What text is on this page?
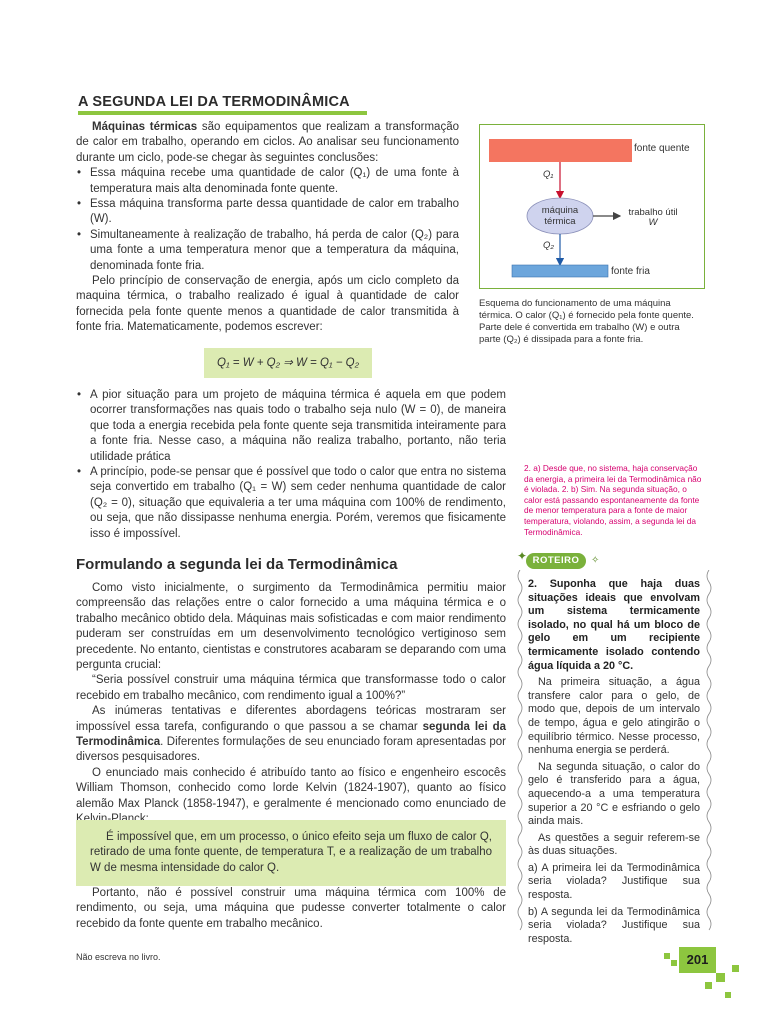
A SEGUNDA LEI DA TERMODINÂMICA

Máquinas térmicas são equipamentos que realizam a transformação de calor em trabalho, operando em ciclos. Ao analisar seu funcionamento durante um ciclo, pode-se chegar às seguintes conclusões:

• Essa máquina recebe uma quantidade de calor (Q₁) de uma fonte à temperatura mais alta denominada fonte quente.
• Essa máquina transforma parte dessa quantidade de calor em trabalho (W).
• Simultaneamente à realização de trabalho, há perda de calor (Q₂) para uma fonte a uma temperatura menor que a temperatura da máquina, denominada fonte fria.

Pelo princípio de conservação de energia, após um ciclo completo da maquina térmica, o trabalho realizado é igual à quantidade de calor fornecida pela fonte quente menos a quantidade de calor transmitida à fonte fria. Matematicamente, podemos escrever:

Q₁ = W + Q₂ ⇒ W = Q₁ − Q₂
• A pior situação para um projeto de máquina térmica é aquela em que podem ocorrer transformações nas quais todo o trabalho seja nulo (W = 0), de maneira que toda a energia recebida pela fonte quente seja transmitida inteiramente para a fonte fria. Nesse caso, a máquina não realiza trabalho, portanto, não teria utilidade prática
• A princípio, pode-se pensar que é possível que todo o calor que entra no sistema seja convertido em trabalho (Q₁ = W) sem ceder nenhuma quantidade de calor (Q₂ = 0), situação que equivaleria a ter uma máquina com 100% de rendimento, ou seja, que não dissipasse nenhuma energia. Porém, veremos que fisicamente isso é impossível.
fonte quente
Q₁
máquina
térmica
trabalho útil
W
Q₂
fonte fria
Esquema do funcionamento de uma máquina térmica. O calor (Q₁) é fornecido pela fonte quente. Parte dele é convertida em trabalho (W) e outra parte (Q₂) é dissipada para a fonte fria.
2. a) Desde que, no sistema, haja conservação da energia, a primeira lei da Termodinâmica não é violada. 2. b) Sim. Na segunda situação, o calor está passando espontaneamente da fonte de menor temperatura para a fonte de maior temperatura, violando, assim, a segunda lei da Termodinâmica.
Formulando a segunda lei da Termodinâmica

Como visto inicialmente, o surgimento da Termodinâmica permitiu maior compreensão das relações entre o calor fornecido a uma máquina térmica e o trabalho mecânico obtido dela. Máquinas mais sofisticadas e com maior rendimento puderam ser construídas em um desenvolvimento tecnológico vertiginoso sem precedente. No entanto, cientistas e construtores acabaram se deparando com uma pergunta crucial:

“Seria possível construir uma máquina térmica que transformasse todo o calor recebido em trabalho mecânico, com rendimento igual a 100%?”

As inúmeras tentativas e diferentes abordagens teóricas mostraram ser impossível essa tarefa, configurando o que passou a se chamar segunda lei da Termodinâmica. Diferentes formulações de seu enunciado foram apresentadas por diversos pesquisadores.

O enunciado mais conhecido é atribuído tanto ao físico e engenheiro escocês William Thomson, conhecido como lorde Kelvin (1824-1907), quanto ao físico alemão Max Planck (1858-1947), e geralmente é mencionado como enunciado de

É impossível que, em um processo, o único efeito seja um fluxo de calor Q, retirado de uma fonte quente, de temperatura T, e a realização de um trabalho W de mesma intensidade do calor Q.

Portanto, não é possível construir uma máquina térmica com 100% de rendimento, ou seja, uma máquina que pudesse converter totalmente o calor recebido da fonte quente em trabalho mecânico.

ROTEIRO
✦	✧

2. Suponha que haja duas situações ideais que envolvam um sistema termicamente isolado, no qual há um bloco de gelo em um recipiente termicamente isolado contendo água líquida a 20 °C.

Na primeira situação, a água transfere calor para o gelo, de modo que, depois de um intervalo de tempo, água e gelo atingirão o equilíbrio térmico. Nesse processo, nenhuma energia se perderá.

Na segunda situação, o calor do gelo é transferido para a água, aquecendo-a a uma temperatura superior a 20 °C e esfriando o gelo ainda mais.

As questões a seguir referem-se às duas situações.

a) A primeira lei da Termodinâmica seria violada? Justifique sua resposta.

b) A segunda lei da Termodinâmica seria violada? Justifique sua resposta.

Não escreva no livro.	201
